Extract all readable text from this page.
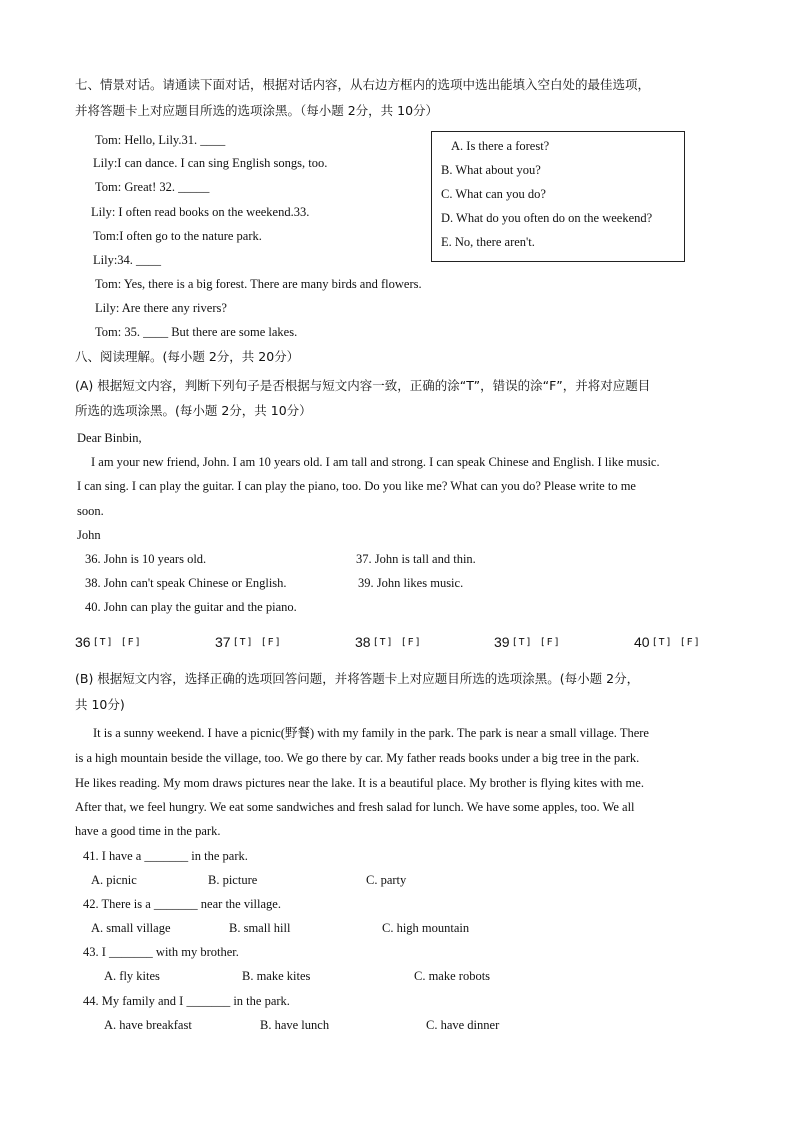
七、情景对话。请通读下面对话，根据对话内容，从右边方框内的选项中选出能填入空白处的最佳选项，
并将答题卡上对应题目所选的选项涂黑。（每小题 2分，共 10分）
Tom: Hello, Lily.31. ____
Lily:I can dance. I can sing English songs, too.
Tom: Great! 32. _____
Lily: I often read books on the weekend.33.
Tom:I often go to the nature park.
Lily:34. ____
Tom: Yes, there is a big forest. There are many birds and flowers.
Lily: Are there any rivers?
Tom: 35. ____ But there are some lakes.
A. Is there a forest?
B. What about you?
C. What can you do?
D. What do you often do on the weekend?
E. No, there aren't.
八、阅读理解。(每小题 2分，共 20分）
(A) 根据短文内容，判断下列句子是否根据与短文内容一致，正确的涂“T”，错误的涂“F”，并将对应题目
所选的选项涂黑。(每小题 2分，共 10分）
Dear Binbin,
I am your new friend, John. I am 10 years old. I am tall and strong. I can speak Chinese and English. I like music.
I can sing. I can play the guitar. I can play the piano, too. Do you like me? What can you do? Please write to me
soon.
John
36. John is 10 years old.	37. John is tall and thin.
38. John can't speak Chinese or English.	39. John likes music.
40. John can play the guitar and the piano.
36 [T] [F]	37 [T] [F]	38 [T] [F]	39 [T] [F]	40 [T] [F]
(B) 根据短文内容，选择正确的选项回答问题，并将答题卡上对应题目所选的选项涂黑。(每小题 2分，
共 10分)
It is a sunny weekend. I have a picnic(野餐) with my family in the park. The park is near a small village. There
is a high mountain beside the village, too. We go there by car. My father reads books under a big tree in the park.
He likes reading. My mom draws pictures near the lake. It is a beautiful place. My brother is flying kites with me.
After that, we feel hungry. We eat some sandwiches and fresh salad for lunch. We have some apples, too. We all
have a good time in the park.
41. I have a _______ in the park.
A. picnic	B. picture	C. party
42. There is a _______ near the village.
A. small village	B. small hill	C. high mountain
43. I _______ with my brother.
A. fly kites	B. make kites	C. make robots
44. My family and I _______ in the park.
A. have breakfast	B. have lunch	C. have dinner
